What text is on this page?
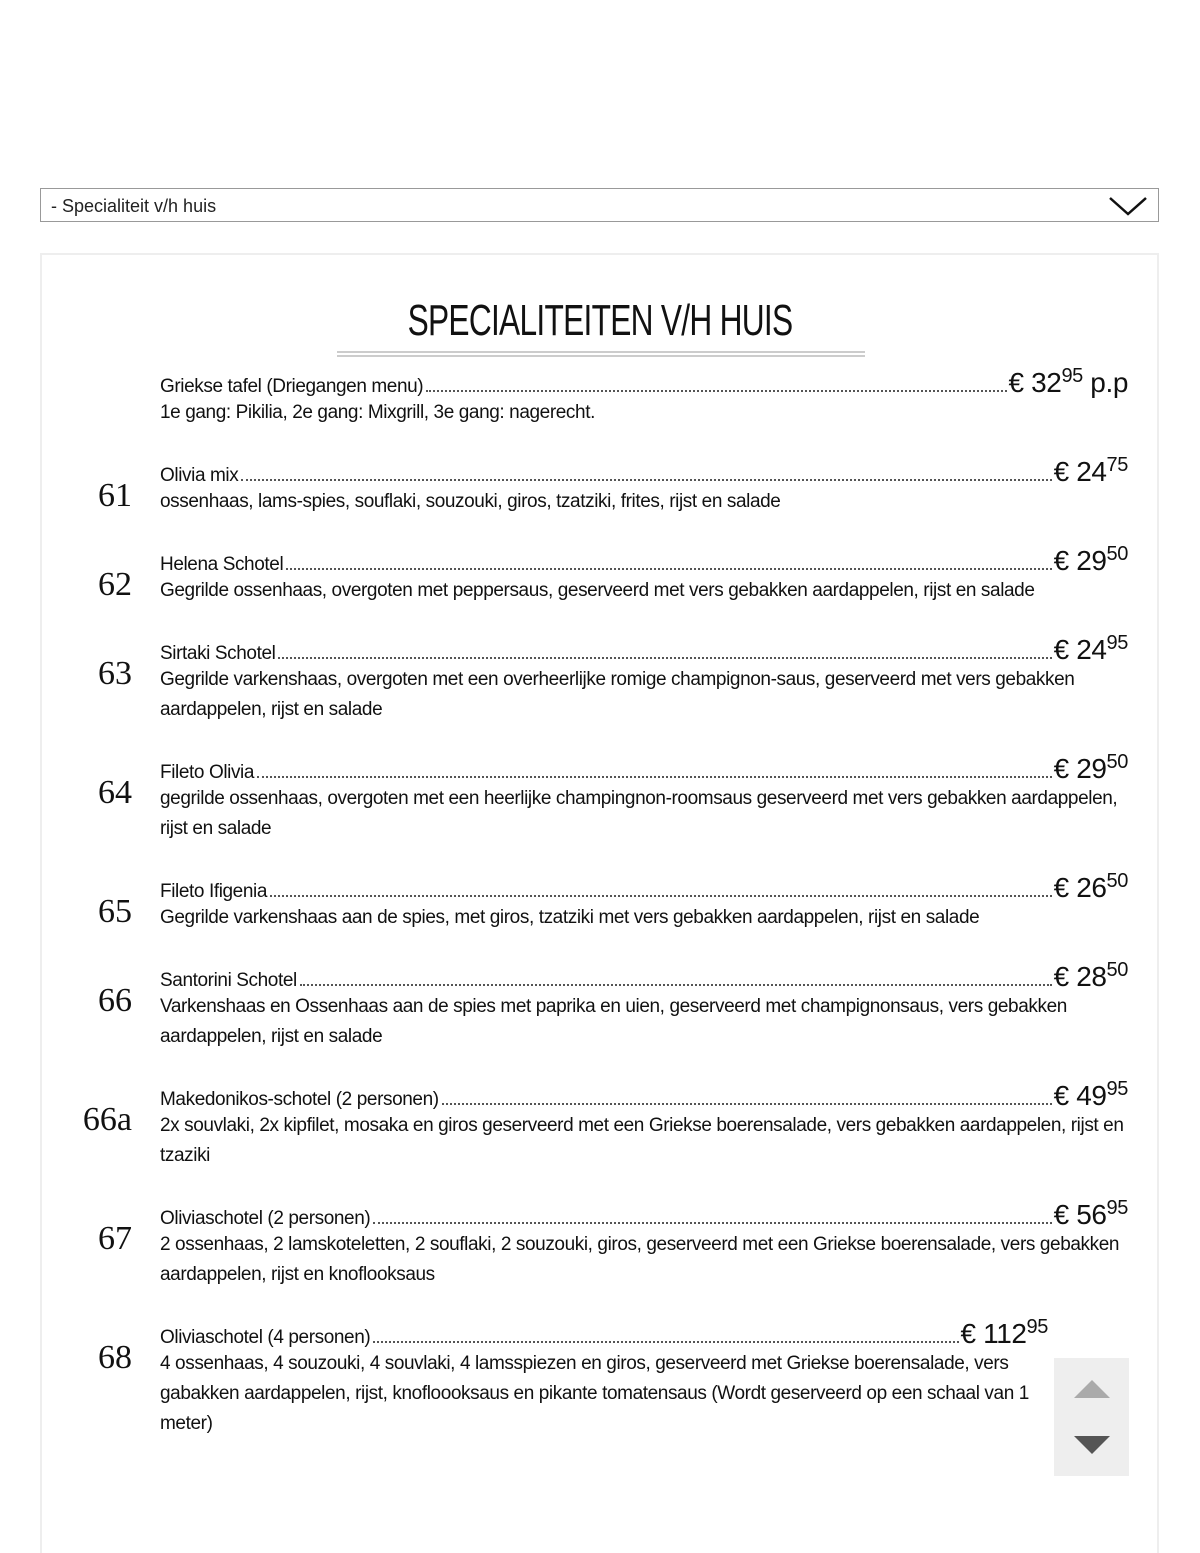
- Specialiteit v/h huis
SPECIALITEITEN V/H HUIS
Griekse tafel (Driegangen menu)	€ $32^{95}$ p.p
1e gang: Pikilia, 2e gang: Mixgrill, 3e gang: nagerecht.
61
Olivia mix	€ $24^{75}$
ossenhaas, lams-spies, souflaki, souzouki, giros, tzatziki, frites, rijst en salade
62
Helena Schotel	€ $29^{50}$
Gegrilde ossenhaas, overgoten met peppersaus, geserveerd met vers gebakken aardappelen, rijst en salade
63
Sirtaki Schotel	€ $24^{95}$
Gegrilde varkenshaas, overgoten met een overheerlijke romige champignon-saus, geserveerd met vers gebakken aardappelen, rijst en salade
64
Fileto Olivia	€ $29^{50}$
gegrilde ossenhaas, overgoten met een heerlijke champingnon-roomsaus geserveerd met vers gebakken aardappelen, rijst en salade
65
Fileto Ifigenia	€ $26^{50}$
Gegrilde varkenshaas aan de spies, met giros, tzatziki met vers gebakken aardappelen, rijst en salade
66
Santorini Schotel	€ $28^{50}$
Varkenshaas en Ossenhaas aan de spies met paprika en uien, geserveerd met champignonsaus, vers gebakken aardappelen, rijst en salade
66a
Makedonikos-schotel (2 personen)	€ $49^{95}$
2x souvlaki, 2x kipfilet, mosaka en giros geserveerd met een Griekse boerensalade, vers gebakken aardappelen, rijst en tzaziki
67
Oliviaschotel (2 personen)	€ $56^{95}$
2 ossenhaas, 2 lamskoteletten, 2 souflaki, 2 souzouki, giros, geserveerd met een Griekse boerensalade, vers gebakken aardappelen, rijst en knoflooksaus
68
Oliviaschotel (4 personen)	€ $112^{95}$
4 ossenhaas, 4 souzouki, 4 souvlaki, 4 lamsspiezen en giros, geserveerd met Griekse boerensalade, vers gabakken aardappelen, rijst, knofloooksaus en pikante tomatensaus (Wordt geserveerd op een schaal van 1 meter)
